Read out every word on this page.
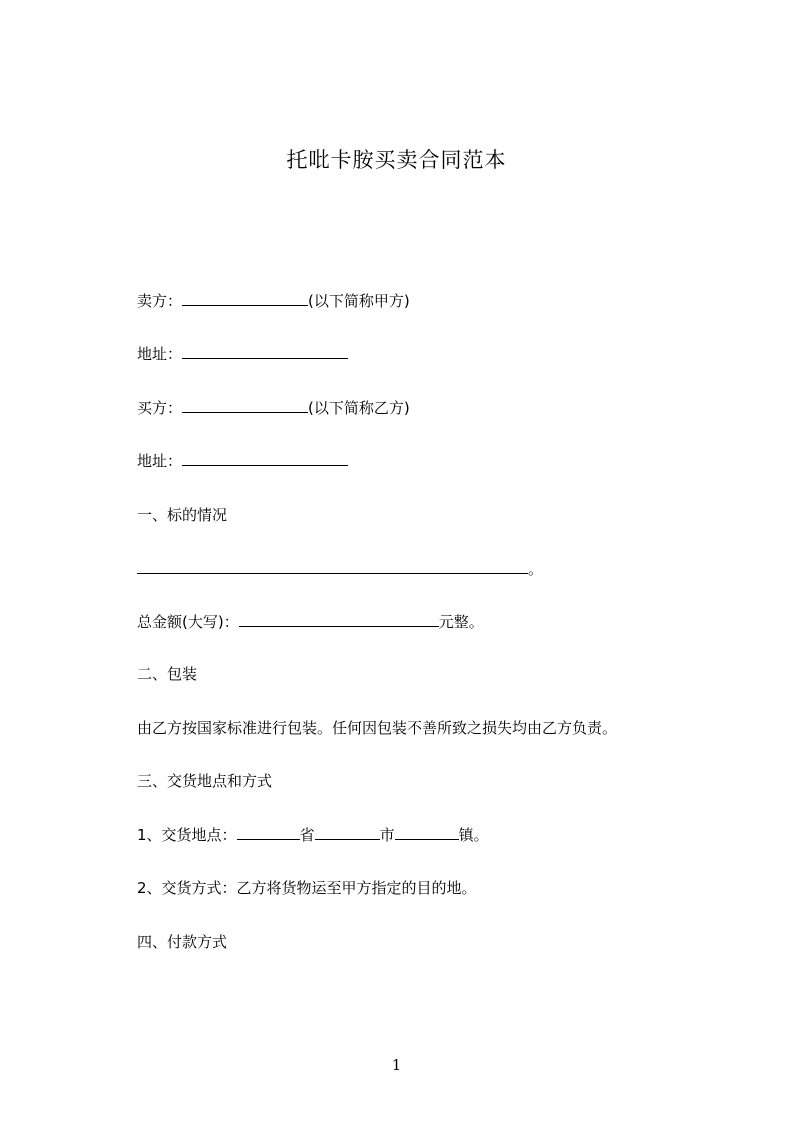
托吡卡胺买卖合同范本
卖方：	(以下简称甲方)
地址：
买方：	(以下简称乙方)
地址：
一、标的情况
。
总金额(大写)：	元整。
二、包装
由乙方按国家标准进行包装。任何因包装不善所致之损失均由乙方负责。
三、交货地点和方式
1、交货地点：	省	市	镇。
2、交货方式：乙方将货物运至甲方指定的目的地。
四、付款方式
1
